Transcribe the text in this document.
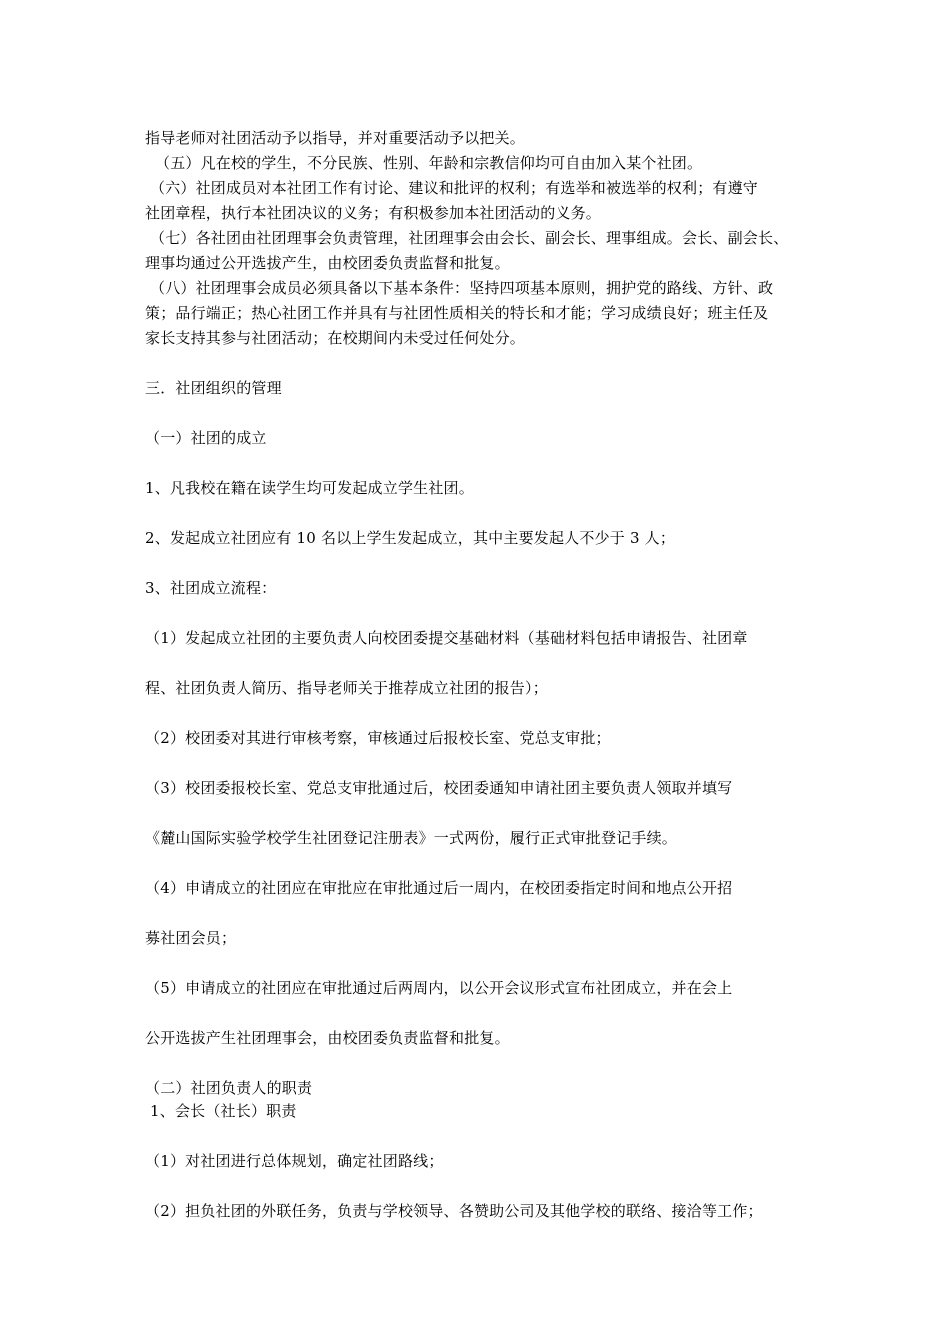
指导老师对社团活动予以指导，并对重要活动予以把关。
（五）凡在校的学生，不分民族、性别、年龄和宗教信仰均可自由加入某个社团。
（六）社团成员对本社团工作有讨论、建议和批评的权利；有选举和被选举的权利；有遵守
社团章程，执行本社团决议的义务；有积极参加本社团活动的义务。
（七）各社团由社团理事会负责管理，社团理事会由会长、副会长、理事组成。会长、副会长、
理事均通过公开选拔产生，由校团委负责监督和批复。
（八）社团理事会成员必须具备以下基本条件：坚持四项基本原则，拥护党的路线、方针、政
策；品行端正；热心社团工作并具有与社团性质相关的特长和才能；学习成绩良好；班主任及
家长支持其参与社团活动；在校期间内未受过任何处分。
三．社团组织的管理
（一）社团的成立
1、凡我校在籍在读学生均可发起成立学生社团。
2、发起成立社团应有 10 名以上学生发起成立，其中主要发起人不少于 3 人；
3、社团成立流程：
（1）发起成立社团的主要负责人向校团委提交基础材料（基础材料包括申请报告、社团章
程、社团负责人简历、指导老师关于推荐成立社团的报告）；
（2）校团委对其进行审核考察，审核通过后报校长室、党总支审批；
（3）校团委报校长室、党总支审批通过后，校团委通知申请社团主要负责人领取并填写
《麓山国际实验学校学生社团登记注册表》一式两份，履行正式审批登记手续。
（4）申请成立的社团应在审批应在审批通过后一周内，在校团委指定时间和地点公开招
募社团会员；
（5）申请成立的社团应在审批通过后两周内，以公开会议形式宣布社团成立，并在会上
公开选拔产生社团理事会，由校团委负责监督和批复。
（二）社团负责人的职责
1、会长（社长）职责
（1）对社团进行总体规划，确定社团路线；
（2）担负社团的外联任务，负责与学校领导、各赞助公司及其他学校的联络、接洽等工作；
